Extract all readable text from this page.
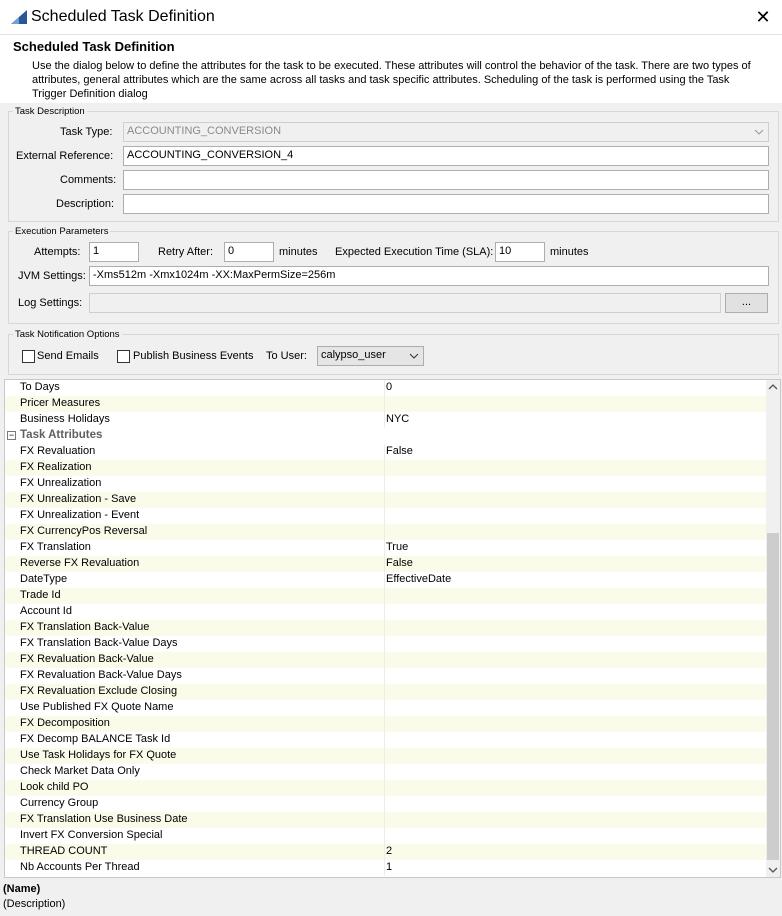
Scheduled Task Definition	✕
Scheduled Task Definition
Use the dialog below to define the attributes for the task to be executed. These attributes will control the behavior of the task. There are two types of attributes, general attributes which are the same across all tasks and task specific attributes. Scheduling of the task is performed using the Task Trigger Definition dialog
Task Description
Task Type:	ACCOUNTING_CONVERSION
External Reference:	ACCOUNTING_CONVERSION_4
Comments:
Description:
Execution Parameters
Attempts:	1	Retry After:	0	minutes Expected Execution Time (SLA): 10	minutes
JVM Settings: -Xms512m -Xmx1024m -XX:MaxPermSize=256m
Log Settings:	...
Task Notification Options
Send Emails	Publish Business Events To User:	calypso_user
To Days	0
Pricer Measures
Business Holidays	NYC
− Task Attributes
FX Revaluation	False
FX Realization
FX Unrealization
FX Unrealization - Save
FX Unrealization - Event
FX CurrencyPos Reversal
FX Translation	True
Reverse FX Revaluation	False
DateType	EffectiveDate
Trade Id
Account Id
FX Translation Back-Value
FX Translation Back-Value Days
FX Revaluation Back-Value
FX Revaluation Back-Value Days
FX Revaluation Exclude Closing
Use Published FX Quote Name
FX Decomposition
FX Decomp BALANCE Task Id
Use Task Holidays for FX Quote
Check Market Data Only
Look child PO
Currency Group
FX Translation Use Business Date
Invert FX Conversion Special
THREAD COUNT	2
Nb Accounts Per Thread	1
(Name)
(Description)
